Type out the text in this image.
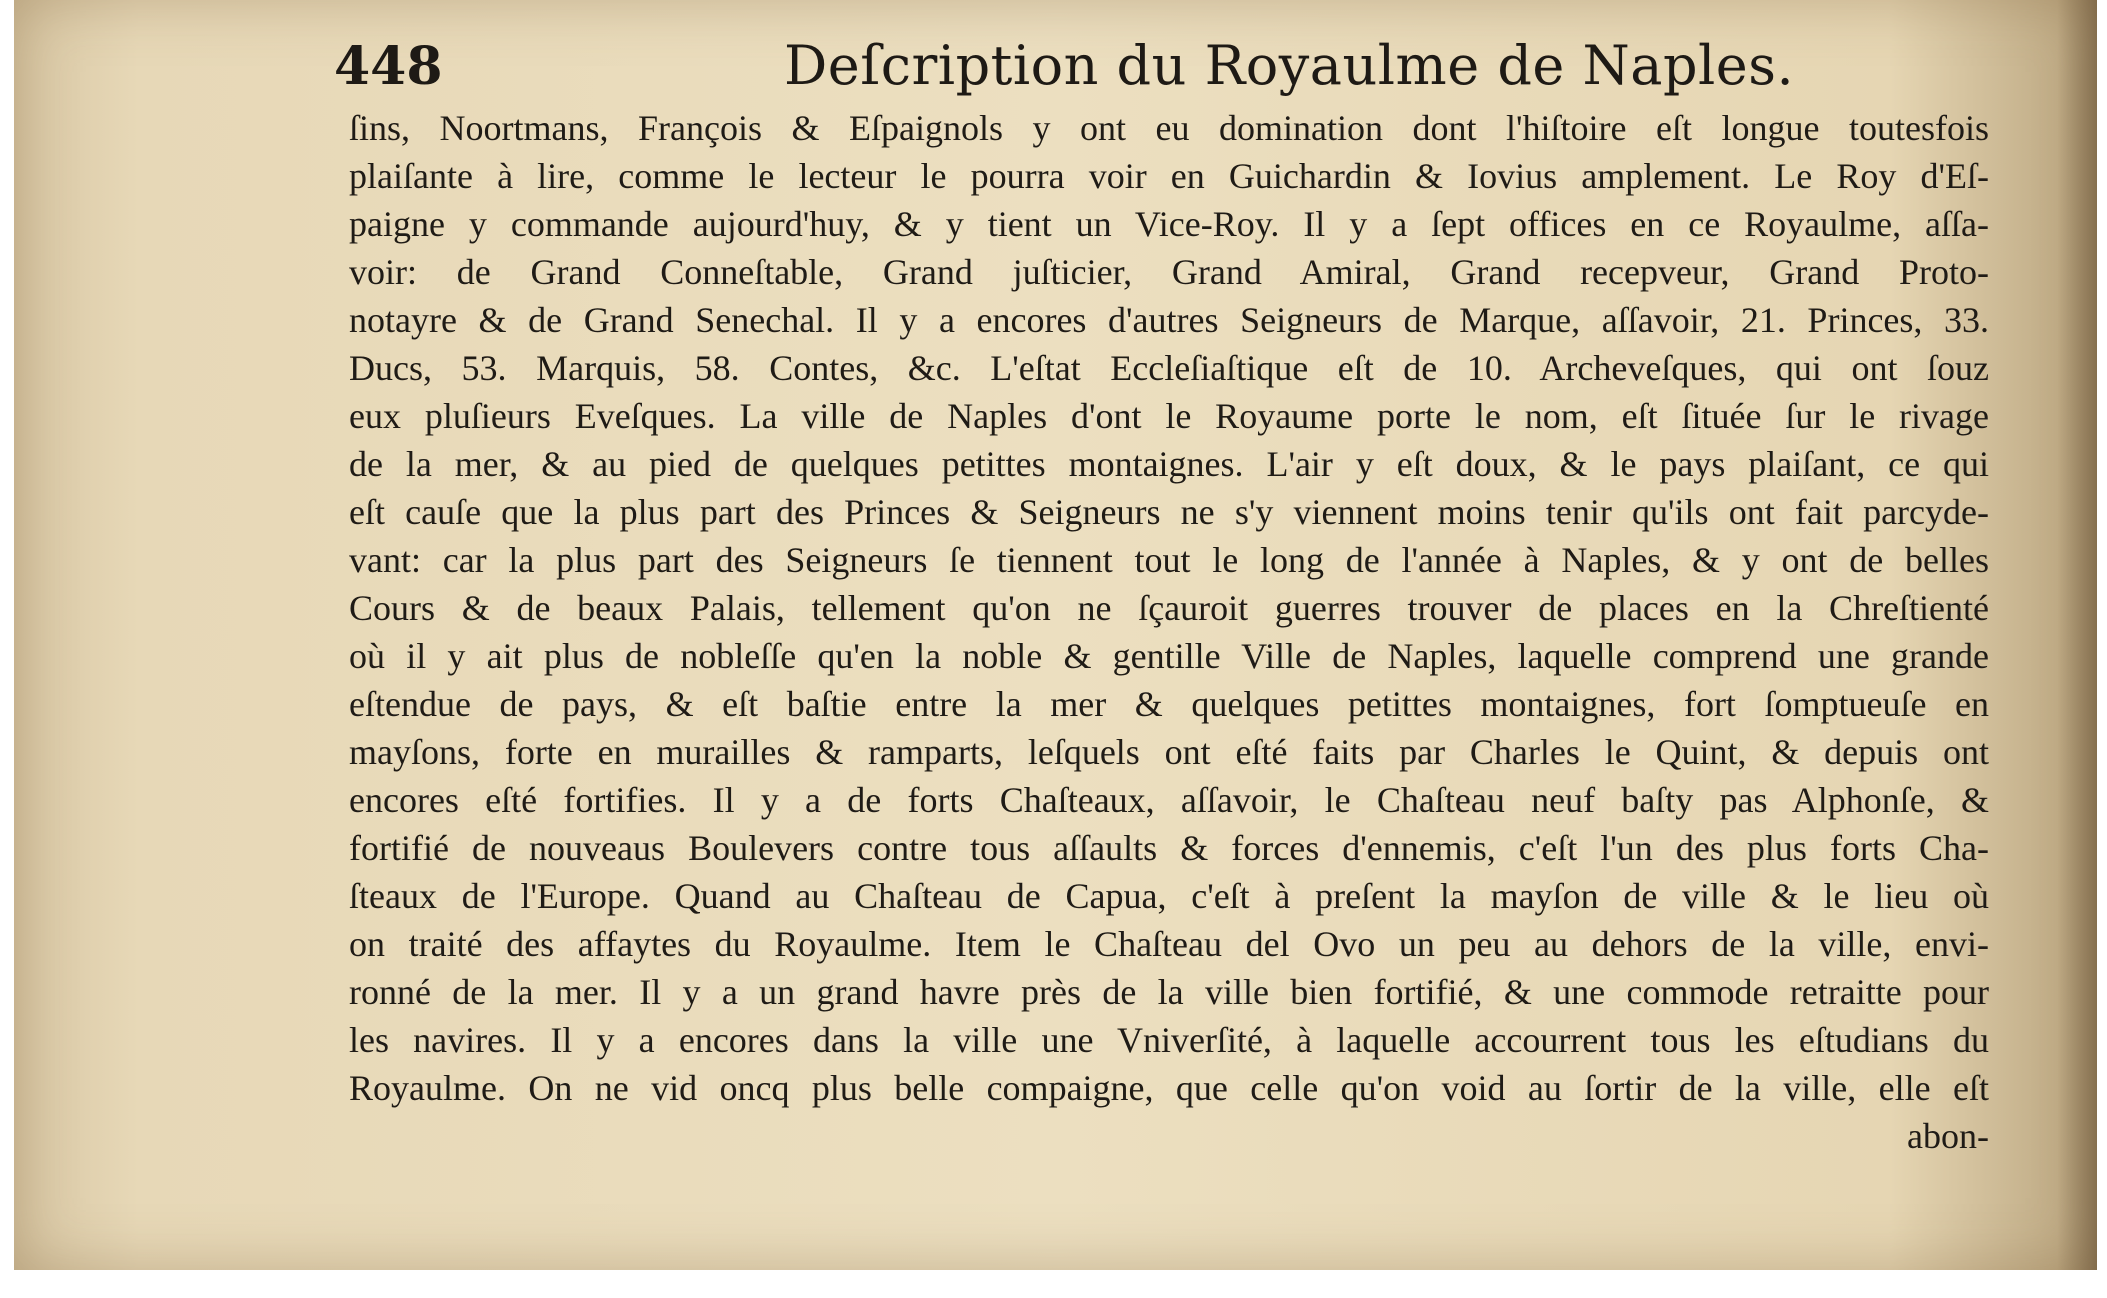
448	Deſcription du Royaulme de Naples.
ſins, Noortmans, François & Eſpaignols y ont eu domination dont l'hiſtoire eſt longue toutesfois
plaiſante à lire, comme le lecteur le pourra voir en Guichardin & Iovius amplement. Le Roy d'Eſ-
paigne y commande aujourd'huy, & y tient un Vice-Roy. Il y a ſept offices en ce Royaulme, aſſa-
voir: de Grand Conneſtable, Grand juſticier, Grand Amiral, Grand recepveur, Grand Proto-
notayre & de Grand Senechal. Il y a encores d'autres Seigneurs de Marque, aſſavoir, 21. Princes, 33.
Ducs, 53. Marquis, 58. Contes, &c. L'eſtat Eccleſiaſtique eſt de 10. Archeveſques, qui ont ſouz
eux pluſieurs Eveſques. La ville de Naples d'ont le Royaume porte le nom, eſt ſituée ſur le rivage
de la mer, & au pied de quelques petittes montaignes. L'air y eſt doux, & le pays plaiſant, ce qui
eſt cauſe que la plus part des Princes & Seigneurs ne s'y viennent moins tenir qu'ils ont fait parcyde-
vant: car la plus part des Seigneurs ſe tiennent tout le long de l'année à Naples, & y ont de belles
Cours & de beaux Palais, tellement qu'on ne ſçauroit guerres trouver de places en la Chreſtienté
où il y ait plus de nobleſſe qu'en la noble & gentille Ville de Naples, laquelle comprend une grande
eſtendue de pays, & eſt baſtie entre la mer & quelques petittes montaignes, fort ſomptueuſe en
mayſons, forte en murailles & ramparts, leſquels ont eſté faits par Charles le Quint, & depuis ont
encores eſté fortifies. Il y a de forts Chaſteaux, aſſavoir, le Chaſteau neuf baſty pas Alphonſe, &
fortifié de nouveaus Boulevers contre tous aſſaults & forces d'ennemis, c'eſt l'un des plus forts Cha-
ſteaux de l'Europe. Quand au Chaſteau de Capua, c'eſt à preſent la mayſon de ville & le lieu où
on traité des affaytes du Royaulme. Item le Chaſteau del Ovo un peu au dehors de la ville, envi-
ronné de la mer. Il y a un grand havre près de la ville bien fortifié, & une commode retraitte pour
les navires. Il y a encores dans la ville une Vniverſité, à laquelle accourrent tous les eſtudians du
Royaulme. On ne vid oncq plus belle compaigne, que celle qu'on void au ſortir de la ville, elle eſt
abon-
